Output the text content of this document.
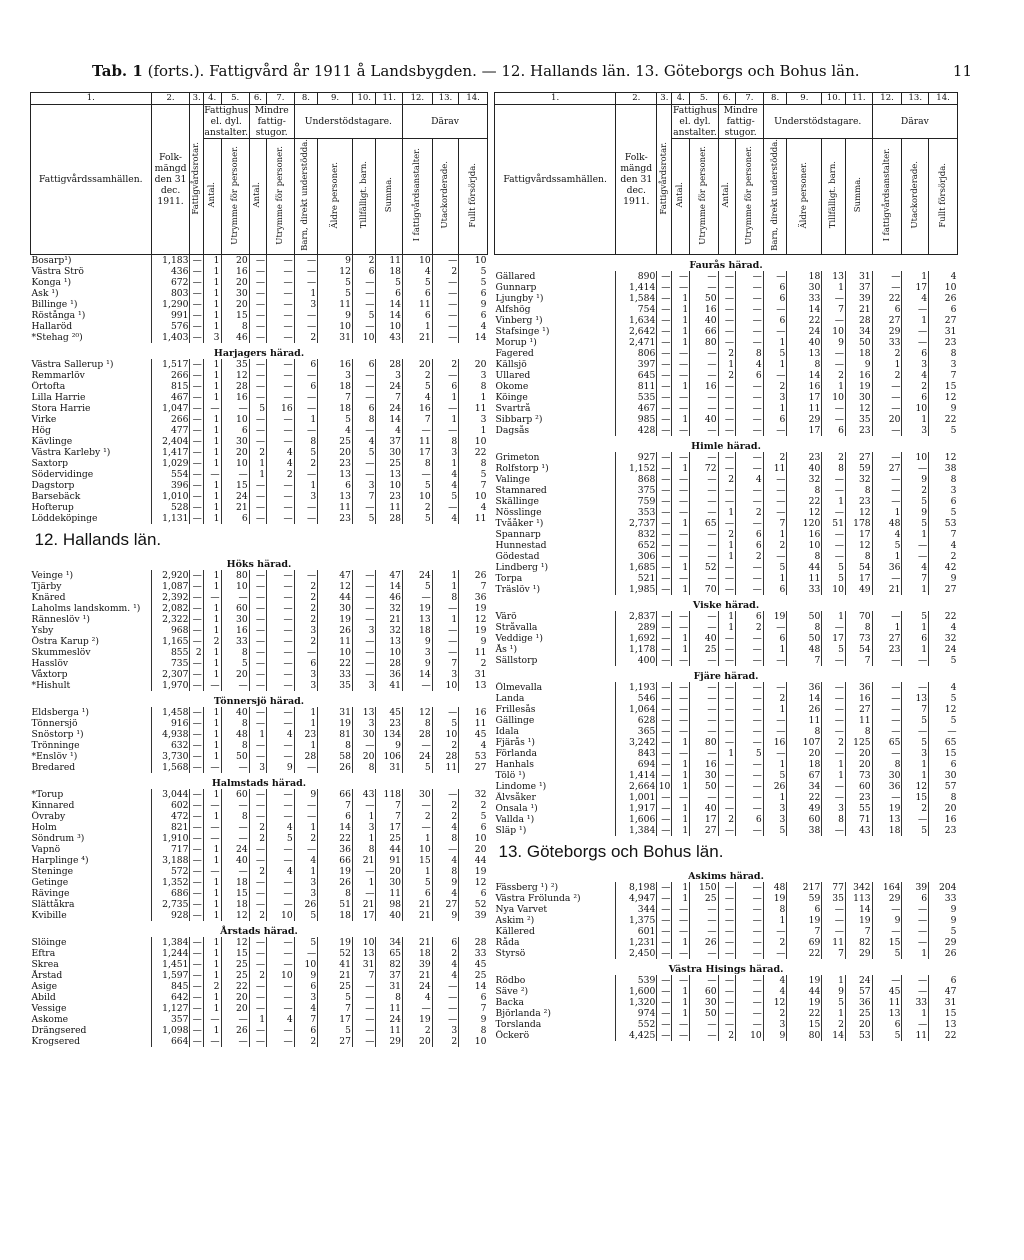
Tab. 1 (forts.). Fattigvård år 1911 å Landsbygden. — 12. Hallands län. 13. Göteborgs och Bohus län.	11
1.	2.	3.	4.	5.	6.	7.	8.	9.	10.	11.	12.	13.	14.
Fattigvårdssamhällen.	Folk-mängd den 31 dec. 1911.	Fattigvårdsrotar.	Fattighus el. dyl. anstalter.		Mindre fattig-stugor.		Understödstagare.				Därav		
			Antal.	Utrymme för personer.	Antal.	Utrymme för personer.	Barn, direkt understödda.	Äldre personer.	Tillfälligt. barn.	Summa.	I fattigvårdsanstalter.	Utackorderade.	Fullt försörjda.
Bosarp¹)	1,183	—	1	20	—	—	—	9	2	11	10	—	10
Västra Strö	436	—	1	16	—	—	—	12	6	18	4	2	5
Konga ¹)	672	—	1	20	—	—	—	5	—	5	5	—	5
Ask ¹)	803	—	1	30	—	—	1	5	—	6	6	—	6
Billinge ¹)	1,290	—	1	20	—	—	3	11	—	14	11	—	9
Röstånga ¹)	991	—	1	15	—	—	—	9	5	14	6	—	6
Hallaröd	576	—	1	8	—	—	—	10	—	10	1	—	4
*Stehag ²⁰)	1,403	—	3	46	—	—	2	31	10	43	21	—	14
Harjagers härad.													
Västra Sallerup ¹)	1,517	—	1	35	—	—	6	16	6	28	20	2	20
Remmarlöv	266	—	1	12	—	—	—	3	—	3	2	—	3
Örtofta	815	—	1	28	—	—	6	18	—	24	5	6	8
Lilla Harrie	467	—	1	16	—	—	—	7	—	7	4	1	1
Stora Harrie	1,047	—	—	—	5	16	—	18	6	24	16	—	11
Virke	266	—	1	10	—	—	1	5	8	14	7	1	3
Hög	477	—	1	6	—	—	—	4	—	4	—	—	1
Kävlinge	2,404	—	1	30	—	—	8	25	4	37	11	8	10
Västra Karleby ¹)	1,417	—	1	20	2	4	5	20	5	30	17	3	22
Saxtorp	1,029	—	1	10	1	4	2	23	—	25	8	1	8
Södervidinge	554	—	—	—	1	2	—	13	—	13	—	4	5
Dagstorp	396	—	1	15	—	—	1	6	3	10	5	4	7
Barsebäck	1,010	—	1	24	—	—	3	13	7	23	10	5	10
Hofterup	528	—	1	21	—	—	—	11	—	11	2	—	4
Löddeköpinge	1,131	—	1	6	—	—	—	23	5	28	5	4	11
12. Hallands län.													
Höks härad.													
Veinge ¹)	2,920	—	1	80	—	—	—	47	—	47	24	1	26
Tjärby	1,087	—	1	10	—	—	2	12	—	14	5	1	7
Knäred	2,392	—	—	—	—	—	2	44	—	46	—	8	36
Laholms landskomm. ¹)	2,082	—	1	60	—	—	2	30	—	32	19	—	19
Ränneslöv ¹)	2,322	—	1	30	—	—	2	19	—	21	13	1	12
Ysby	968	—	1	16	—	—	3	26	3	32	18	—	19
Östra Karup ²)	1,165	—	2	33	—	—	2	11	—	13	9	—	9
Skummeslöv	855	2	1	8	—	—	—	10	—	10	3	—	11
Hasslöv	735	—	1	5	—	—	6	22	—	28	9	7	2
Våxtorp	2,307	—	1	20	—	—	3	33	—	36	14	3	31
*Hishult	1,970	—	—	—	—	—	3	35	3	41	—	10	13
Tönnersjö härad.													
Eldsberga ¹)	1,458	—	1	40	—	—	1	31	13	45	12	—	16
Tönnersjö	916	—	1	8	—	—	1	19	3	23	8	5	11
Snöstorp ¹)	4,938	—	1	48	1	4	23	81	30	134	28	10	45
Trönninge	632	—	1	8	—	—	1	8	—	9	—	2	4
*Enslöv ¹)	3,730	—	1	50	—	—	28	58	20	106	24	28	53
Bredared	1,568	—	—	—	3	9	—	26	8	31	5	11	27
Halmstads härad.													
*Torup	3,044	—	1	60	—	—	9	66	43	118	30	—	32
Kinnared	602	—	—	—	—	—	—	7	—	7	—	2	2
Övraby	472	—	1	8	—	—	—	6	1	7	2	2	5
Holm	821	—	—	—	2	4	1	14	3	17	—	4	6
Söndrum ³)	1,910	—	—	—	2	5	2	22	1	25	1	8	10
Vapnö	717	—	1	24	—	—	—	36	8	44	10	—	20
Harplinge ⁴)	3,188	—	1	40	—	—	4	66	21	91	15	4	44
Steninge	572	—	—	—	2	4	1	19	—	20	1	8	19
Getinge	1,352	—	1	18	—	—	3	26	1	30	5	9	12
Rävinge	686	—	1	15	—	—	3	8	—	11	6	4	6
Slättåkra	2,735	—	1	18	—	—	26	51	21	98	21	27	52
Kvibille	928	—	1	12	2	10	5	18	17	40	21	9	39
Årstads härad.													
Slöinge	1,384	—	1	12	—	—	5	19	10	34	21	6	28
Eftra	1,244	—	1	15	—	—	—	52	13	65	18	2	33
Skrea	1,451	—	1	25	—	—	10	41	31	82	39	4	45
Årstad	1,597	—	1	25	2	10	9	21	7	37	21	4	25
Asige	845	—	2	22	—	—	6	25	—	31	24	—	14
Abild	642	—	1	20	—	—	3	5	—	8	4	—	6
Vessige	1,127	—	1	20	—	—	4	7	—	11	—	—	7
Askome	357	—	—	—	1	4	7	17	—	24	19	—	9
Drängsered	1,098	—	1	26	—	—	6	5	—	11	2	3	8
Krogsered	664	—	—	—	—	—	2	27	—	29	20	2	10
1.	2.	3.	4.	5.	6.	7.	8.	9.	10.	11.	12.	13.	14.
Fattigvårdssamhällen.	Folk-mängd den 31 dec. 1911.	Fattigvårdsrotar.	Fattighus el. dyl. anstalter.		Mindre fattig-stugor.		Understödstagare.				Därav		
			Antal.	Utrymme för personer.	Antal.	Utrymme för personer.	Barn, direkt understödda.	Äldre personer.	Tillfälligt. barn.	Summa.	I fattigvårdsanstalter.	Utackorderade.	Fullt försörjda.
Faurås härad.													
Gällared	890	—	—	—	—	—	—	18	13	31	—	1	4
Gunnarp	1,414	—	—	—	—	—	6	30	1	37	—	17	10
Ljungby ¹)	1,584	—	1	50	—	—	6	33	—	39	22	4	26
Alfshög	754	—	1	16	—	—	—	14	7	21	6	—	6
Vinberg ¹)	1,634	—	1	40	—	—	6	22	—	28	27	1	27
Stafsinge ¹)	2,642	—	1	66	—	—	—	24	10	34	29	—	31
Morup ¹)	2,471	—	1	80	—	—	1	40	9	50	33	—	23
Fagered	806	—	—	—	2	8	5	13	—	18	2	6	8
Källsjö	397	—	—	—	1	4	1	8	—	9	1	3	3
Ullared	645	—	—	—	2	6	—	14	2	16	2	4	7
Okome	811	—	1	16	—	—	2	16	1	19	—	2	15
Köinge	535	—	—	—	—	—	3	17	10	30	—	6	12
Svartrå	467	—	—	—	—	—	1	11	—	12	—	10	9
Sibbarp ²)	985	—	1	40	—	—	6	29	—	35	20	1	22
Dagsås	428	—	—	—	—	—	—	17	6	23	—	3	5
Himle härad.													
Grimeton	927	—	—	—	—	—	2	23	2	27	—	10	12
Rolfstorp ¹)	1,152	—	1	72	—	—	11	40	8	59	27	—	38
Valinge	868	—	—	—	2	4	—	32	—	32	—	9	8
Stamnared	375	—	—	—	—	—	—	8	—	8	—	2	3
Skällinge	759	—	—	—	—	—	—	22	1	23	—	5	6
Nösslinge	353	—	—	—	1	2	—	12	—	12	1	9	5
Tvååker ¹)	2,737	—	1	65	—	—	7	120	51	178	48	5	53
Spannarp	832	—	—	—	2	6	1	16	—	17	4	1	7
Hunnestad	652	—	—	—	1	6	2	10	—	12	5	—	4
Gödestad	306	—	—	—	1	2	—	8	—	8	1	—	2
Lindberg ¹)	1,685	—	1	52	—	—	5	44	5	54	36	4	42
Torpa	521	—	—	—	—	—	1	11	5	17	—	7	9
Träslöv ¹)	1,985	—	1	70	—	—	6	33	10	49	21	1	27
Viske härad.													
Värö	2,837	—	—	—	1	6	19	50	1	70	—	5	22
Stråvalla	289	—	—	—	1	2	—	8	—	8	1	1	4
Veddige ¹)	1,692	—	1	40	—	—	6	50	17	73	27	6	32
Ås ¹)	1,178	—	1	25	—	—	1	48	5	54	23	1	24
Sällstorp	400	—	—	—	—	—	—	7	—	7	—	—	5
Fjäre härad.													
Ölmevalla	1,193	—	—	—	—	—	—	36	—	36	—	—	4
Landa	546	—	—	—	—	—	2	14	—	16	—	13	5
Frillesås	1,064	—	—	—	—	—	1	26	—	27	—	7	12
Gällinge	628	—	—	—	—	—	—	11	—	11	—	5	5
Idala	365	—	—	—	—	—	—	8	—	8	—	—	—
Fjärås ¹)	3,242	—	1	80	—	—	16	107	2	125	65	5	65
Förlanda	843	—	—	—	1	5	—	20	—	20	—	3	15
Hanhals	694	—	1	16	—	—	1	18	1	20	8	1	6
Tölö ¹)	1,414	—	1	30	—	—	5	67	1	73	30	1	30
Lindome ¹)	2,664	10	1	50	—	—	26	34	—	60	36	12	57
Älvsåker	1,001	—	—	—	—	—	1	22	—	23	—	15	8
Onsala ¹)	1,917	—	1	40	—	—	3	49	3	55	19	2	20
Vallda ¹)	1,606	—	1	17	2	6	3	60	8	71	13	—	16
Släp ¹)	1,384	—	1	27	—	—	5	38	—	43	18	5	23
13. Göteborgs och Bohus län.													
Askims härad.													
Fässberg ¹) ²)	8,198	—	1	150	—	—	48	217	77	342	164	39	204
Västra Frölunda ²)	4,947	—	1	25	—	—	19	59	35	113	29	6	33
Nya Varvet	344	—	—	—	—	—	8	6	—	14	—	—	9
Askim ²)	1,375	—	—	—	—	—	1	19	—	19	9	—	9
Källered	601	—	—	—	—	—	—	7	—	7	—	—	5
Råda	1,231	—	1	26	—	—	2	69	11	82	15	—	29
Styrsö	2,450	—	—	—	—	—	—	22	7	29	5	1	26
Västra Hisings härad.													
Rödbo	539	—	—	—	—	—	4	19	1	24	—	—	6
Säve ²)	1,600	—	1	60	—	—	4	44	9	57	45	—	47
Backa	1,320	—	1	30	—	—	12	19	5	36	11	33	31
Björlanda ²)	974	—	1	50	—	—	2	22	1	25	13	1	15
Torslanda	552	—	—	—	—	—	3	15	2	20	6	—	13
Öckerö	4,425	—	—	—	2	10	9	80	14	53	5	11	22
